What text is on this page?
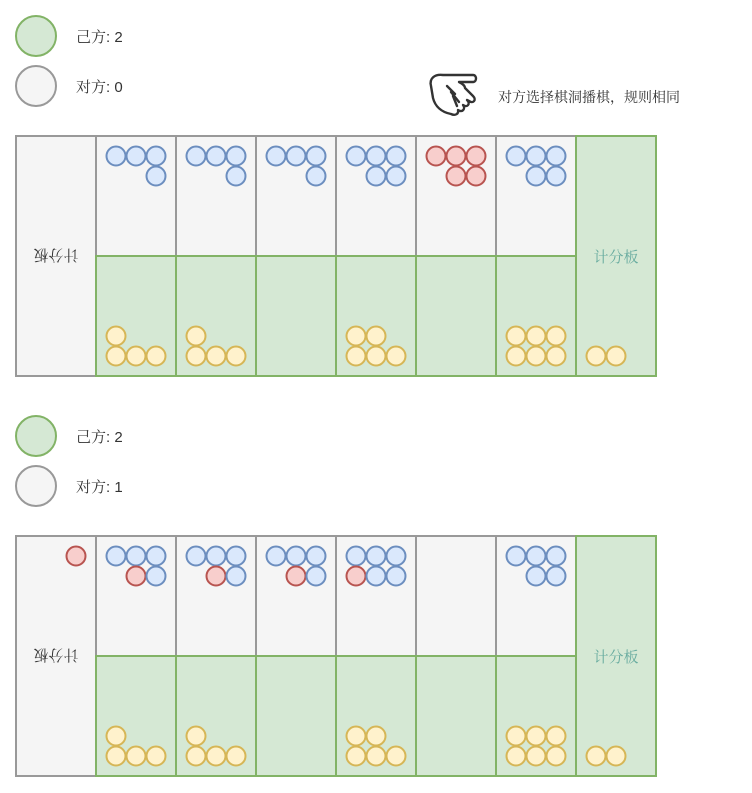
己方: 2
对方: 0
对方选择棋洞播棋，规则相同
计分板	计分板
己方: 2
对方: 1
计分板	计分板
